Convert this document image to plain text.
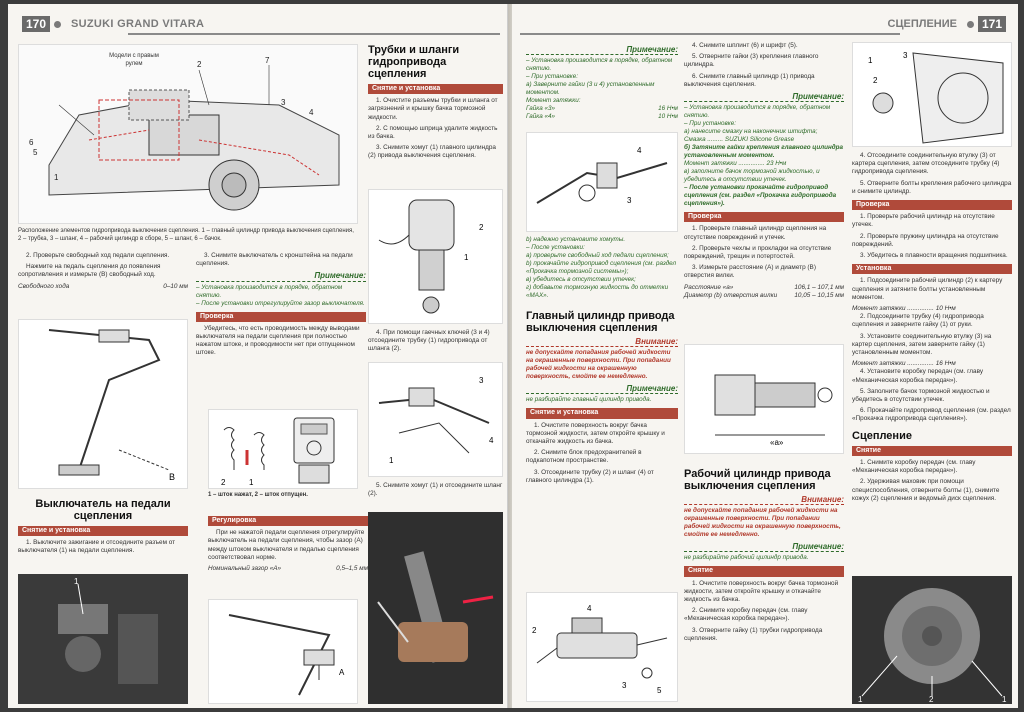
170	SUZUKI GRAND VITARA
6
5
1
2	7
3
4
Модели с правым рулем
Расположение элементов гидропривода выключения сцепления. 1 – главный цилиндр привода выключения сцепления, 2 – трубка, 3 – шланг, 4 – рабочий цилиндр в сборе, 5 – шланг, 6 – бачок.

2. Проверьте свободный ход педали сцепления.

Нажмите на педаль сцепления до появления сопротивления и измерьте (В) свободный ход.

Свободного хода	0–10 мм
B
Выключатель на педали сцепления
Снятие и установка

1. Выключите зажигание и отсоедините разъем от выключателя (1) на педали сцепления.

1

3. Снимите выключатель с кронштейна на педали сцепления.

Примечание:
– Установка производится в порядке, обратном снятию.
– После установки отрегулируйте зазор выключателя.
Проверка

Убедитесь, что есть проводимость между выводами выключателя на педали сцепления при полностью нажатом штоке, и проводимости нет при отпущенном штоке.

2	1
1 – шток нажат, 2 – шток отпущен.
Регулировка

При не нажатой педали сцепления отрегулируйте выключатель на педали сцепления, чтобы зазор (А) между штоком выключателя и педалью сцепления соответствовал норме.

Номинальный зазор «А»	0,5–1,5 мм
A
Трубки и шланги гидропривода сцепления
Снятие и установка

1. Очистите разъемы трубки и шланга от загрязнений и крышку бачка тормозной жидкости.

2. С помощью шприца удалите жидкость из бачка.

3. Снимите хомут (1) главного цилиндра (2) привода выключения сцепления.

2
1

4. При помощи гаечных ключей (3 и 4) отсоедините трубку (1) гидропривода от шланга (2).

3
4
1

5. Снимите хомут (1) и отсоедините шланг (2).

СЦЕПЛЕНИЕ	171
Примечание:
– Установка производится в порядке, обратном снятию.
– При установке:
а) Заверните гайки (3 и 4) установленным моментом.
Момент затяжки:
Гайка «3»	16 Н•м
Гайка «4»	10 Н•м
4
3
b) надежно установите хомуты.
– После установки:
а) проверьте свободный ход педали сцепления;
b) прокачайте гидропривод сцепления (см. раздел «Прокачка тормозной системы»);
в) убедитесь в отсутствии утечек;
г) добавьте тормозную жидкость до отметки «MAX».
Главный цилиндр привода выключения сцепления
Внимание:
не допускайте попадания рабочей жидкости на окрашенные поверхности. При попадании рабочей жидкости на окрашенную поверхность, смойте ее немедленно.
Примечание:
не разбирайте главный цилиндр привода.
Снятие и установка

1. Очистите поверхность вокруг бачка тормозной жидкости, затем откройте крышку и откачайте жидкость из бачка.

2. Снимите блок предохранителей в подкапотном пространстве.

3. Отсоедините трубку (2) и шланг (4) от главного цилиндра (1).

2
4
3
5

4. Снимите шплинт (6) и шрифт (5).

5. Отверните гайки (3) крепления главного цилиндра.

6. Снимите главный цилиндр (1) привода выключения сцепления.

Примечание:
– Установка производится в порядке, обратном снятию.
– При установке:
а) нанесите смазку на наконечник штифта;
Смазка ......... SUZUKI Silicone Grease
б) Затяните гайки крепления главного цилиндра установленным моментом.
Момент затяжки ............... 23 Н•м
в) заполните бачок тормозной жидкостью, и убедитесь в отсутствии утечек.
– После установки прокачайте гидропривод сцепления (см. раздел «Прокачка гидропривода сцепления»).
Проверка

1. Проверьте главный цилиндр сцепления на отсутствие повреждений и утечек.

2. Проверьте чехлы и прокладки на отсутствие повреждений, трещин и потертостей.

3. Измерьте расстояние (А) и диаметр (В) отверстия вилки.

Расстояние «а»	106,1 – 107,1 мм
Диаметр (b) отверстия вилки	10,05 – 10,15 мм
«a»
Рабочий цилиндр привода выключения сцепления
Внимание:
не допускайте попадания рабочей жидкости на окрашенные поверхности. При попадании рабочей жидкости на окрашенную поверхность, смойте ее немедленно.
Примечание:
не разбирайте рабочий цилиндр привода.
Снятие

1. Очистите поверхность вокруг бачка тормозной жидкости, затем откройте крышку и откачайте жидкость из бачка.

2. Снимите коробку передач (см. главу «Механическая коробка передач»).

3. Отверните гайку (1) трубки гидропривода сцепления.

1
2
3

4. Отсоедините соединительную втулку (3) от картера сцепления, затем отсоедините трубку (4) гидропривода сцепления.

5. Отверните болты крепления рабочего цилиндра и снимите цилиндр.

Проверка

1. Проверьте рабочий цилиндр на отсутствие утечек.

2. Проверьте пружину цилиндра на отсутствие повреждений.

3. Убедитесь в плавности вращения подшипника.

Установка

1. Подсоедините рабочий цилиндр (2) к картеру сцепления и затяните болты установленным моментом.

Момент затяжки ............... 10 Н•м

2. Подсоедините трубку (4) гидропривода сцепления и заверните гайку (1) от руки.

3. Установите соединительную втулку (3) на картер сцепления, затем заверните гайку (1) установленным моментом.

Момент затяжки ............... 16 Н•м

4. Установите коробку передач (см. главу «Механическая коробка передач»).

5. Заполните бачок тормозной жидкостью и убедитесь в отсутствии утечек.

6. Прокачайте гидропривод сцепления (см. раздел «Прокачка гидропривода сцепления»).

Сцепление
Снятие

1. Снимите коробку передач (см. главу «Механическая коробка передач»).

2. Удерживая маховик при помощи специспособления, отверните болты (1), снимите кожух (2) сцепления и ведомый диск сцепления.

1	2	1
